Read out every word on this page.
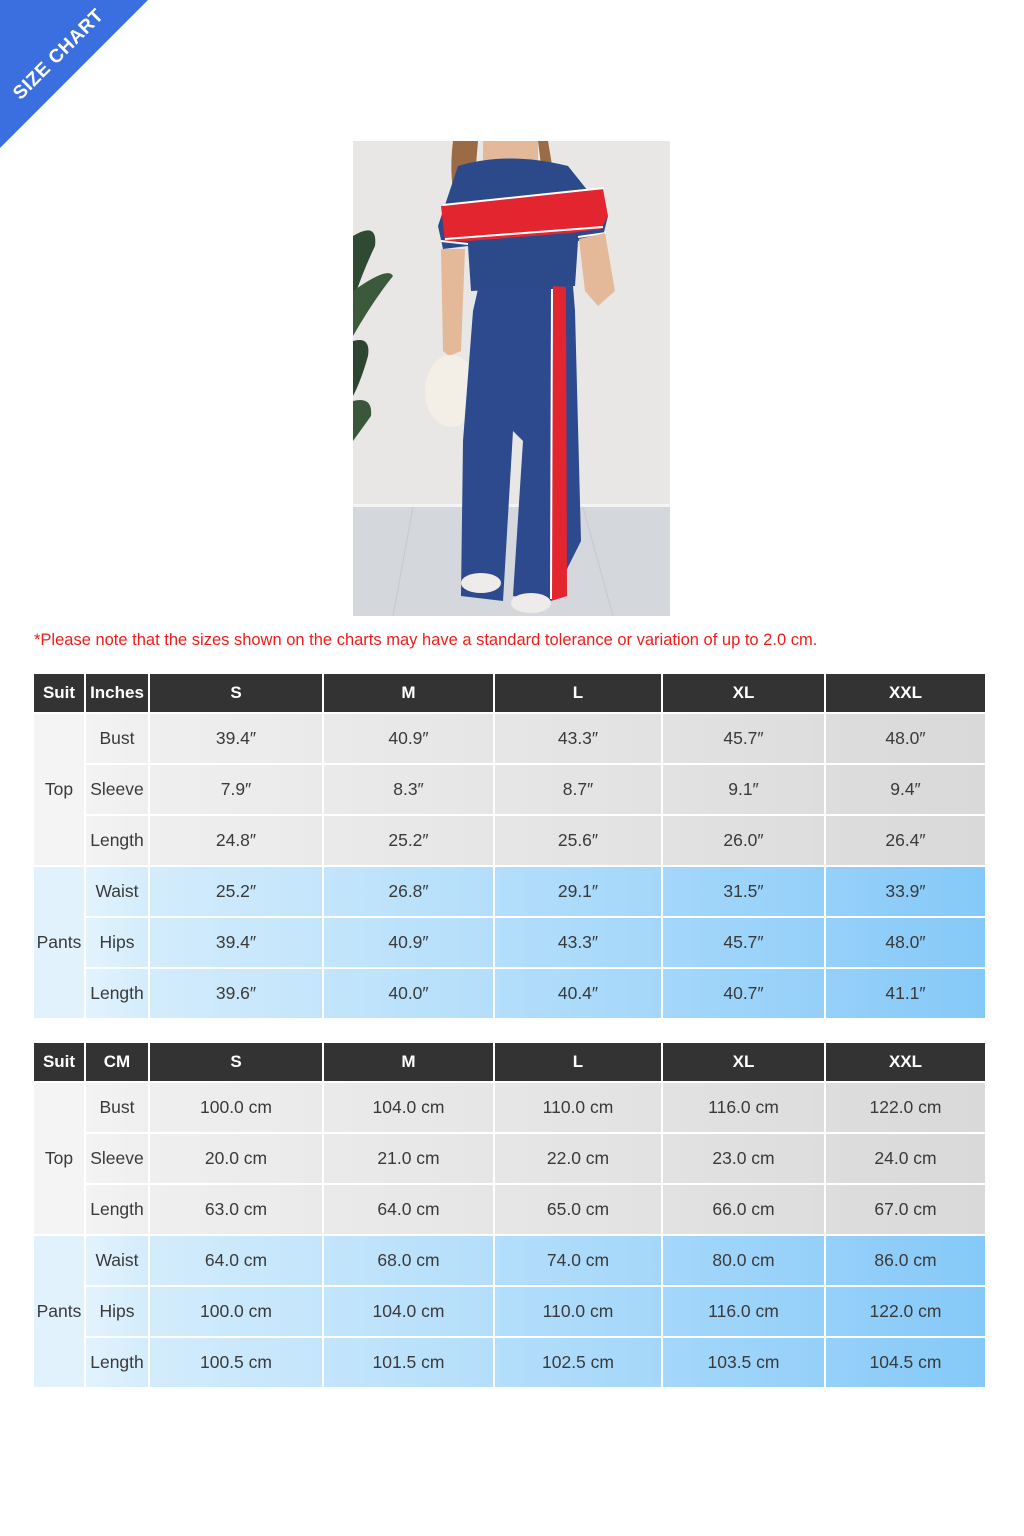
SIZE CHART
*Please note that the sizes shown on the charts may have a standard tolerance or variation of up to 2.0 cm.
Suit	Inches	S	M	L	XL	XXL
Top	Bust	39.4″	40.9″	43.3″	45.7″	48.0″
	Sleeve	7.9″	8.3″	8.7″	9.1″	9.4″
	Length	24.8″	25.2″	25.6″	26.0″	26.4″
Pants	Waist	25.2″	26.8″	29.1″	31.5″	33.9″
	Hips	39.4″	40.9″	43.3″	45.7″	48.0″
	Length	39.6″	40.0″	40.4″	40.7″	41.1″
Suit	CM	S	M	L	XL	XXL
Top	Bust	100.0 cm	104.0 cm	110.0 cm	116.0 cm	122.0 cm
	Sleeve	20.0 cm	21.0 cm	22.0 cm	23.0 cm	24.0 cm
	Length	63.0 cm	64.0 cm	65.0 cm	66.0 cm	67.0 cm
Pants	Waist	64.0 cm	68.0 cm	74.0 cm	80.0 cm	86.0 cm
	Hips	100.0 cm	104.0 cm	110.0 cm	116.0 cm	122.0 cm
	Length	100.5 cm	101.5 cm	102.5 cm	103.5 cm	104.5 cm
